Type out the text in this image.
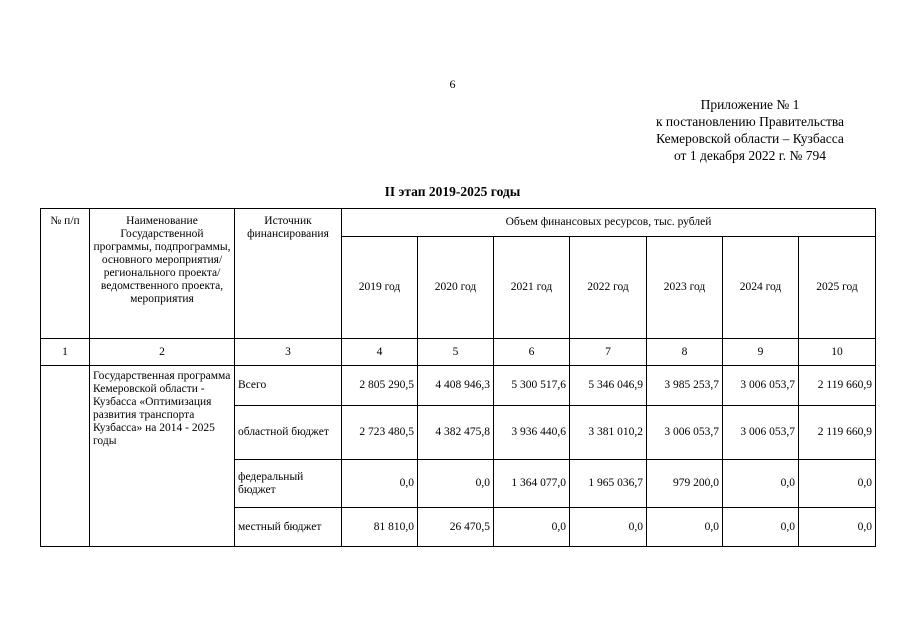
6
Приложение № 1
к постановлению Правительства
Кемеровской области – Кузбасса
от 1 декабря 2022 г. № 794
II этап 2019-2025 годы
№ п/п	Наименование Государственной программы, подпрограммы, основного мероприятия/ регионального проекта/ведомственного проекта, мероприятия	Источник финансирования	Объем финансовых ресурсов, тыс. рублей						
			2019 год	2020 год	2021 год	2022 год	2023 год	2024 год	2025 год
1	2	3	4	5	6	7	8	9	10
	Государственная программа Кемеровской области - Кузбасса «Оптимизация развития транспорта Кузбасса» на 2014 - 2025 годы	Всего	2 805 290,5	4 408 946,3	5 300 517,6	5 346 046,9	3 985 253,7	3 006 053,7	2 119 660,9
		областной бюджет	2 723 480,5	4 382 475,8	3 936 440,6	3 381 010,2	3 006 053,7	3 006 053,7	2 119 660,9
		федеральный бюджет	0,0	0,0	1 364 077,0	1 965 036,7	979 200,0	0,0	0,0
		местный бюджет	81 810,0	26 470,5	0,0	0,0	0,0	0,0	0,0
